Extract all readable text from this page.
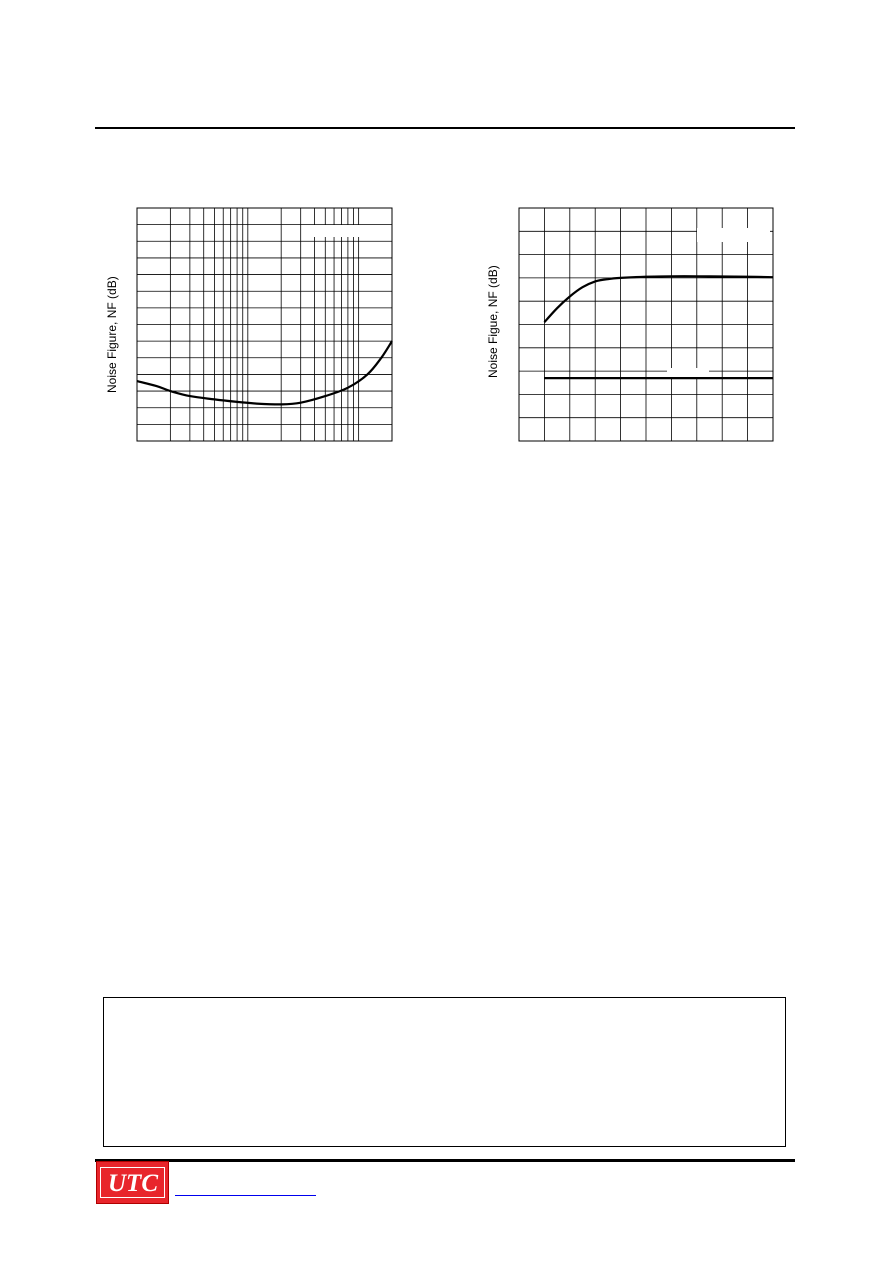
Noise Figure, NF (dB)	Noise Figue, NF (dB)
UTC
